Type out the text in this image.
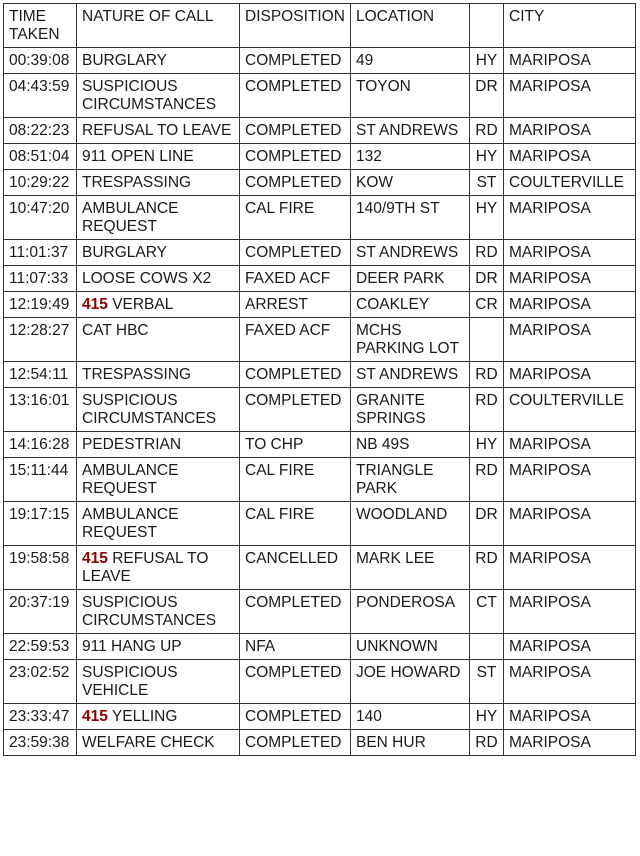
TIME TAKEN	NATURE OF CALL	DISPOSITION	LOCATION		CITY
00:39:08	BURGLARY	COMPLETED	49	HY	MARIPOSA
04:43:59	SUSPICIOUS CIRCUMSTANCES	COMPLETED	TOYON	DR	MARIPOSA
08:22:23	REFUSAL TO LEAVE	COMPLETED	ST ANDREWS	RD	MARIPOSA
08:51:04	911 OPEN LINE	COMPLETED	132	HY	MARIPOSA
10:29:22	TRESPASSING	COMPLETED	KOW	ST	COULTERVILLE
10:47:20	AMBULANCE REQUEST	CAL FIRE	140/9TH ST	HY	MARIPOSA
11:01:37	BURGLARY	COMPLETED	ST ANDREWS	RD	MARIPOSA
11:07:33	LOOSE COWS X2	FAXED ACF	DEER PARK	DR	MARIPOSA
12:19:49	415 VERBAL	ARREST	COAKLEY	CR	MARIPOSA
12:28:27	CAT HBC	FAXED ACF	MCHS PARKING LOT		MARIPOSA
12:54:11	TRESPASSING	COMPLETED	ST ANDREWS	RD	MARIPOSA
13:16:01	SUSPICIOUS CIRCUMSTANCES	COMPLETED	GRANITE SPRINGS	RD	COULTERVILLE
14:16:28	PEDESTRIAN	TO CHP	NB 49S	HY	MARIPOSA
15:11:44	AMBULANCE REQUEST	CAL FIRE	TRIANGLE PARK	RD	MARIPOSA
19:17:15	AMBULANCE REQUEST	CAL FIRE	WOODLAND	DR	MARIPOSA
19:58:58	415 REFUSAL TO LEAVE	CANCELLED	MARK LEE	RD	MARIPOSA
20:37:19	SUSPICIOUS CIRCUMSTANCES	COMPLETED	PONDEROSA	CT	MARIPOSA
22:59:53	911 HANG UP	NFA	UNKNOWN		MARIPOSA
23:02:52	SUSPICIOUS VEHICLE	COMPLETED	JOE HOWARD	ST	MARIPOSA
23:33:47	415 YELLING	COMPLETED	140	HY	MARIPOSA
23:59:38	WELFARE CHECK	COMPLETED	BEN HUR	RD	MARIPOSA
